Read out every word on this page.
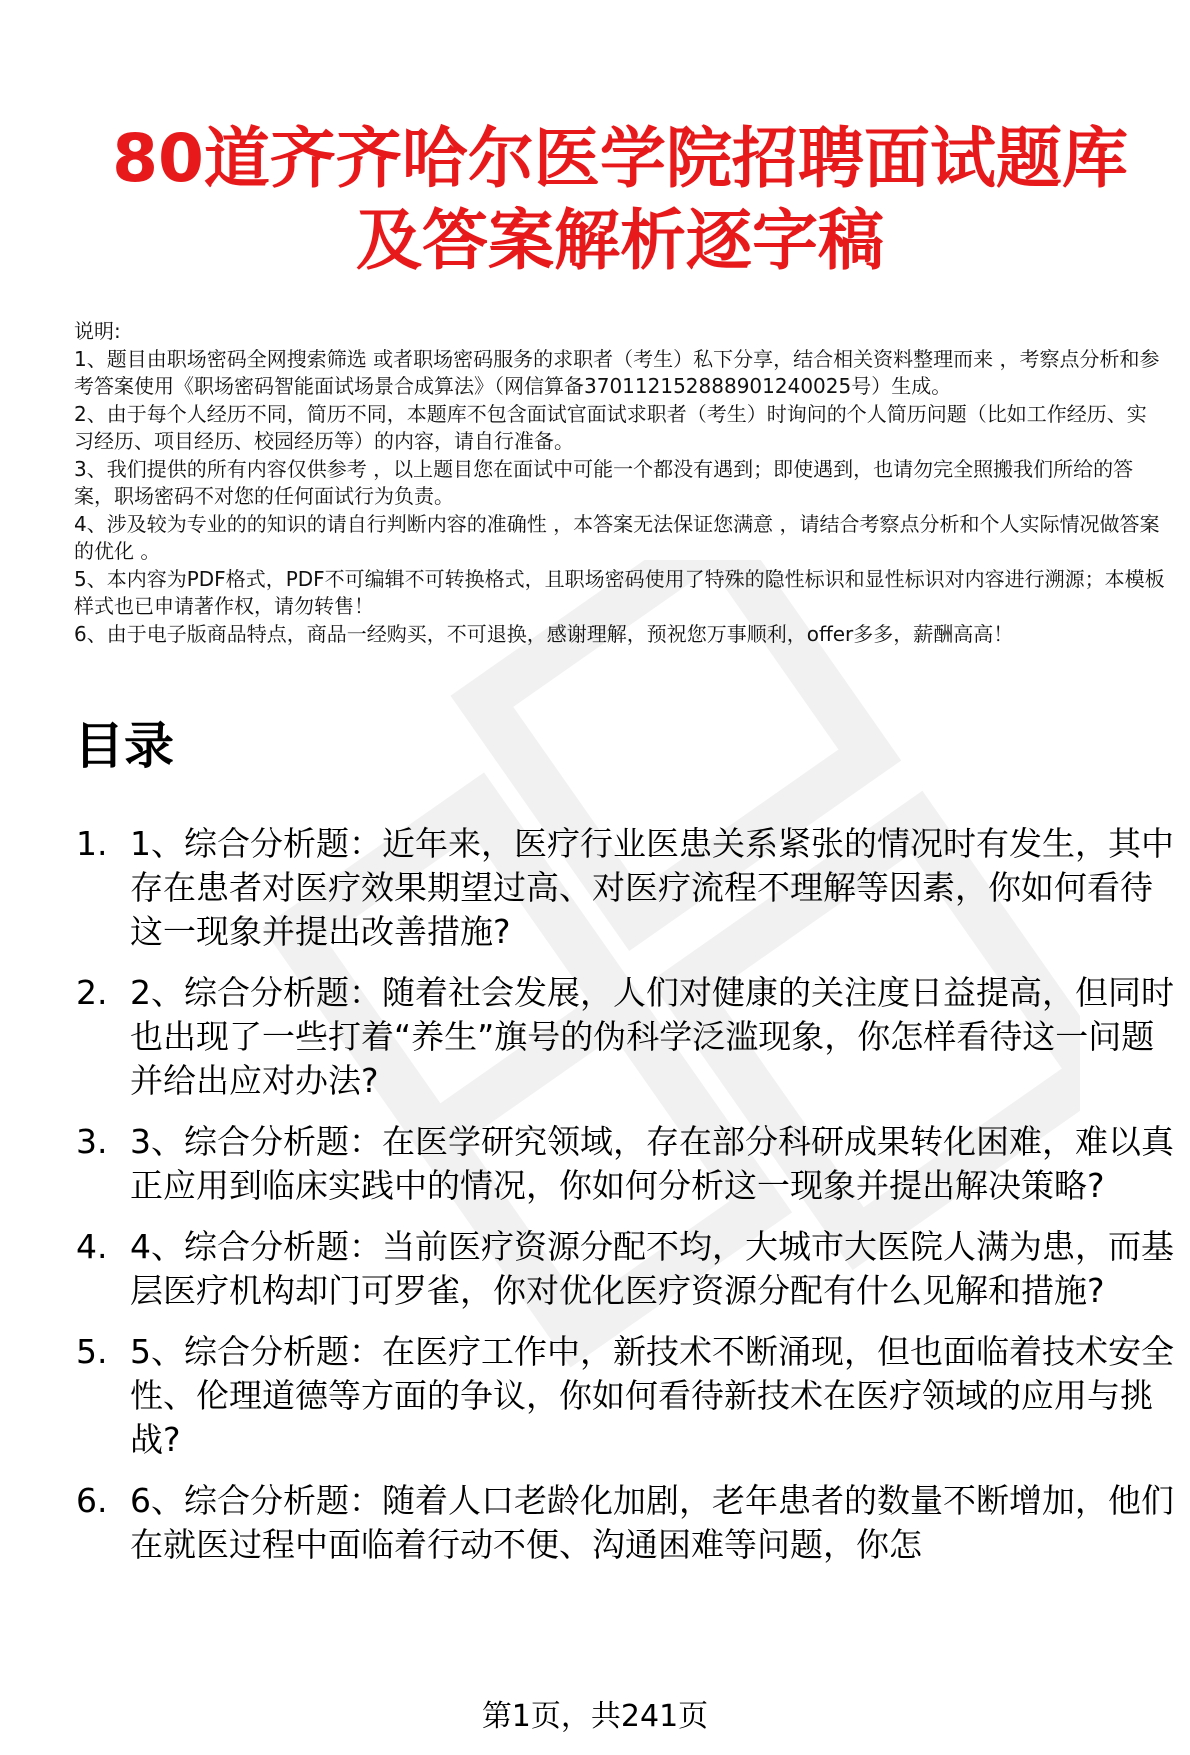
80道齐齐哈尔医学院招聘面试题库
及答案解析逐字稿

说明:

1、题目由职场密码全网搜索筛选 或者职场密码服务的求职者（考生）私下分享，结合相关资料整理而来 ，考察点分析和参考答案使用《职场密码智能面试场景合成算法》（网信算备370112152888901240025号）生成。

2、由于每个人经历不同，简历不同，本题库不包含面试官面试求职者（考生）时询问的个人简历问题（比如工作经历、实习经历、项目经历、校园经历等）的内容，请自行准备。

3、我们提供的所有内容仅供参考 ，以上题目您在面试中可能一个都没有遇到；即使遇到，也请勿完全照搬我们所给的答案，职场密码不对您的任何面试行为负责。

4、涉及较为专业的的知识的请自行判断内容的准确性 ，本答案无法保证您满意 ，请结合考察点分析和个人实际情况做答案的优化 。

5、本内容为PDF格式，PDF不可编辑不可转换格式，且职场密码使用了特殊的隐性标识和显性标识对内容进行溯源；本模板样式也已申请著作权，请勿转售！

6、由于电子版商品特点，商品一经购买，不可退换，感谢理解，预祝您万事顺利，offer多多，薪酬高高！

目录
1. 1、综合分析题：近年来，医疗行业医患关系紧张的情况时有发生，其中存在患者对医疗效果期望过高、对医疗流程不理解等因素，你如何看待这一现象并提出改善措施?
2. 2、综合分析题：随着社会发展，人们对健康的关注度日益提高，但同时也出现了一些打着“养生”旗号的伪科学泛滥现象，你怎样看待这一问题并给出应对办法?
3. 3、综合分析题：在医学研究领域，存在部分科研成果转化困难，难以真正应用到临床实践中的情况，你如何分析这一现象并提出解决策略?
4. 4、综合分析题：当前医疗资源分配不均，大城市大医院人满为患，而基层医疗机构却门可罗雀，你对优化医疗资源分配有什么见解和措施?
5. 5、综合分析题：在医疗工作中，新技术不断涌现，但也面临着技术安全性、伦理道德等方面的争议，你如何看待新技术在医疗领域的应用与挑战?
6. 6、综合分析题：随着人口老龄化加剧，老年患者的数量不断增加，他们在就医过程中面临着行动不便、沟通困难等问题，你怎
第1页，共241页
